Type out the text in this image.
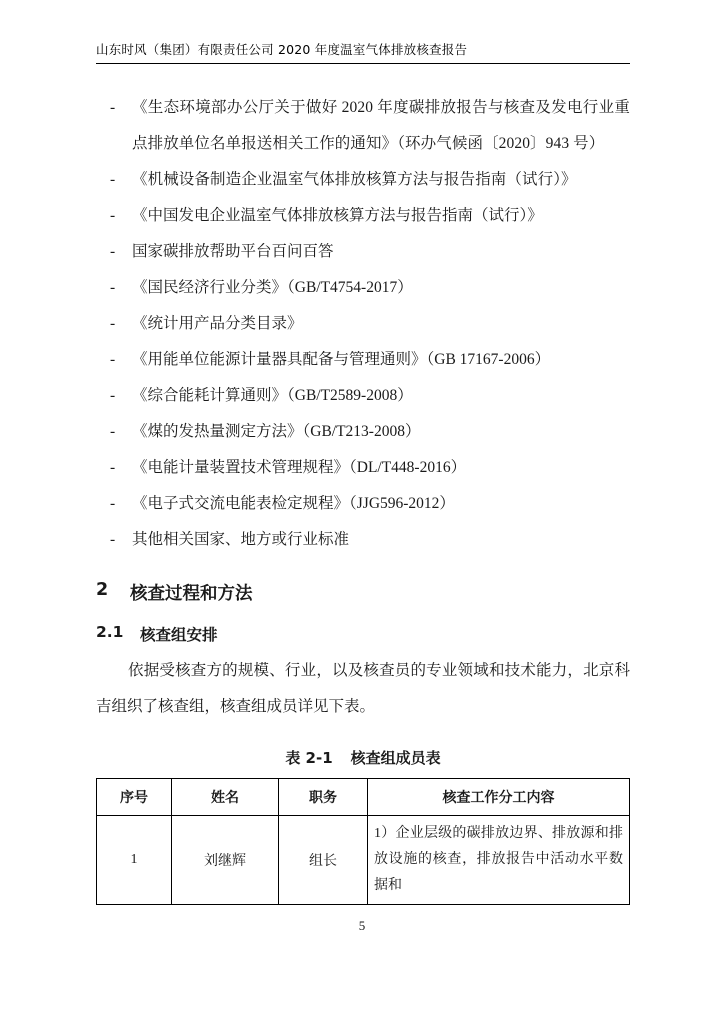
山东时风（集团）有限责任公司 2020 年度温室气体排放核查报告
-	《生态环境部办公厅关于做好 2020 年度碳排放报告与核查及发电行业重点排放单位名单报送相关工作的通知》（环办气候函〔2020〕943 号）
-	《机械设备制造企业温室气体排放核算方法与报告指南（试行）》
-	《中国发电企业温室气体排放核算方法与报告指南（试行）》
-	国家碳排放帮助平台百问百答
-	《国民经济行业分类》（GB/T4754-2017）
-	《统计用产品分类目录》
-	《用能单位能源计量器具配备与管理通则》（GB 17167-2006）
-	《综合能耗计算通则》（GB/T2589-2008）
-	《煤的发热量测定方法》（GB/T213-2008）
-	《电能计量装置技术管理规程》（DL/T448-2016）
-	《电子式交流电能表检定规程》（JJG596-2012）
-	其他相关国家、地方或行业标准
2	核查过程和方法
2.1	核查组安排

依据受核查方的规模、行业，以及核查员的专业领域和技术能力，北京科吉组织了核查组，核查组成员详见下表。

表 2-1 核查组成员表
序号	姓名	职务	核查工作分工内容
1	刘继辉	组长	1）企业层级的碳排放边界、排放源和排放设施的核查，排放报告中活动水平数据和
5
